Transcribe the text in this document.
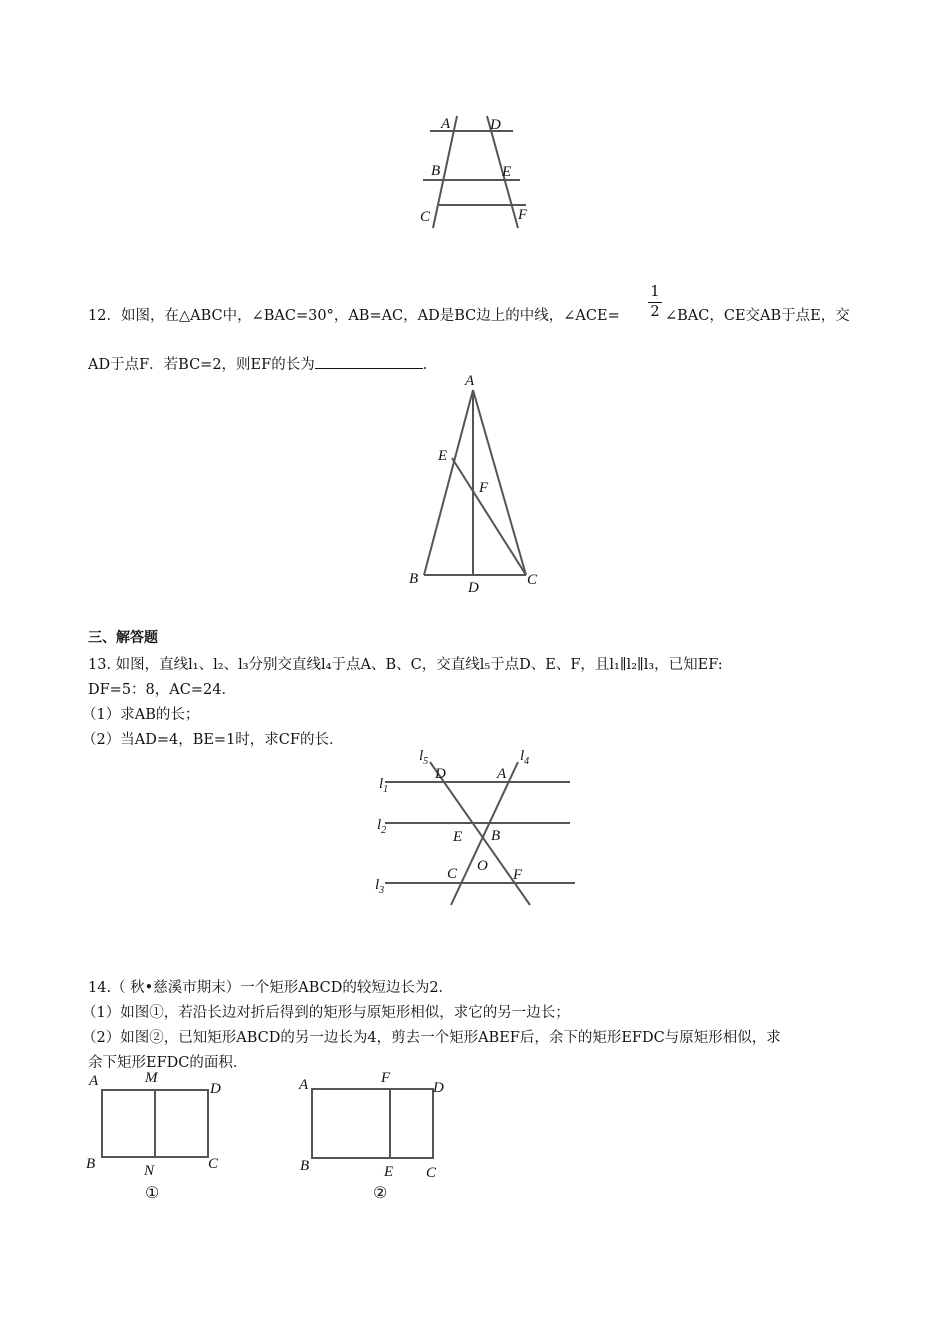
A	D
B	E
C	F
12．如图，在△ABC中，∠BAC=30°，AB=AC，AD是BC边上的中线，∠ACE=
1
2 ∠BAC，CE交AB于点E，交
AD于点F．若BC=2，则EF的长为	．
A
E
F
B
D	C
三、解答题
13. 如图，直线l₁、l₂、l₃分别交直线l₄于点A、B、C，交直线l₅于点D、E、F，且l₁∥l₂∥l₃，已知EF:
DF=5：8，AC=24．
（1）求AB的长；
（2）当AD=4，BE=1时，求CF的长．
$l_5$	$l_4$
$l_1$
$l_2$
$l_3$
D	A
E B
O
C	F
14.（ 秋•慈溪市期末）一个矩形ABCD的较短边长为2．
（1）如图①，若沿长边对折后得到的矩形与原矩形相似，求它的另一边长；
（2）如图②，已知矩形ABCD的另一边长为4，剪去一个矩形ABEF后，余下的矩形EFDC与原矩形相似，求
余下矩形EFDC的面积．
A	M
D
B	N	C
①
A	F
D
B	E C
②
